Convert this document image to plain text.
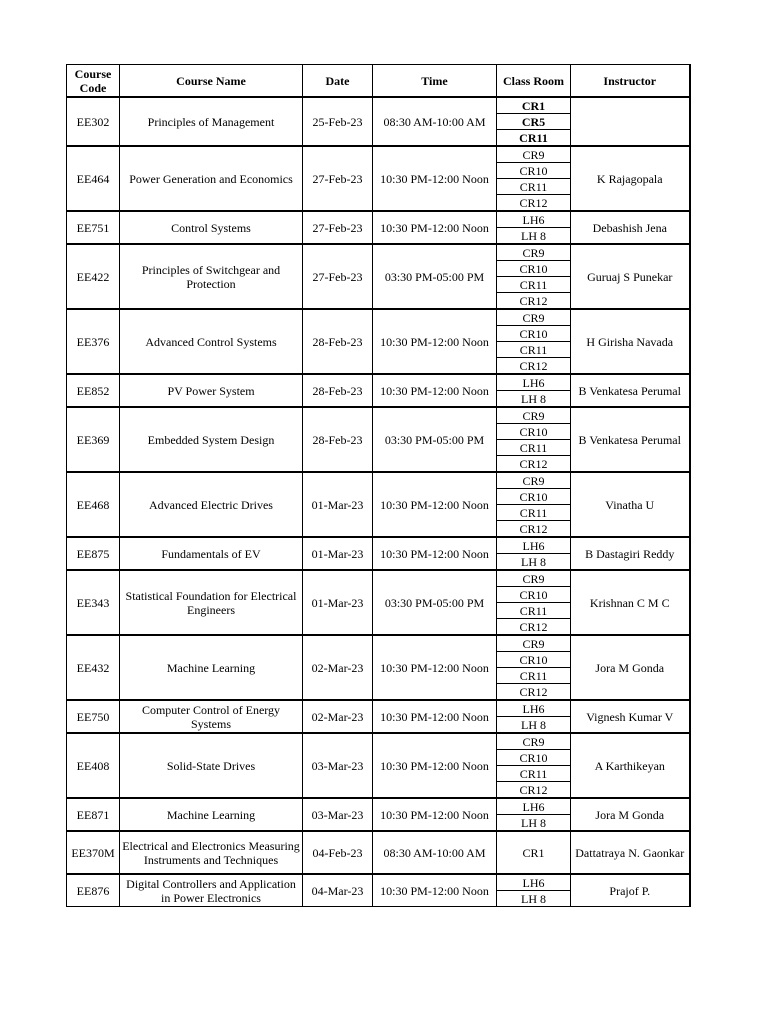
Course Code	Course Name	Date	Time	Class Room	Instructor
EE302	Principles of Management	25-Feb-23	08:30 AM-10:00 AM	CR1	
				CR5	
				CR11	
EE464	Power Generation and Economics	27-Feb-23	10:30 PM-12:00 Noon	CR9	K Rajagopala
				CR10	
				CR11	
				CR12	
EE751	Control Systems	27-Feb-23	10:30 PM-12:00 Noon	LH6	Debashish Jena
				LH 8	
EE422	Principles of Switchgear and Protection	27-Feb-23	03:30 PM-05:00 PM	CR9	Guruaj S Punekar
				CR10	
				CR11	
				CR12	
EE376	Advanced Control Systems	28-Feb-23	10:30 PM-12:00 Noon	CR9	H Girisha Navada
				CR10	
				CR11	
				CR12	
EE852	PV Power System	28-Feb-23	10:30 PM-12:00 Noon	LH6	B Venkatesa Perumal
				LH 8	
EE369	Embedded System Design	28-Feb-23	03:30 PM-05:00 PM	CR9	B Venkatesa Perumal
				CR10	
				CR11	
				CR12	
EE468	Advanced Electric Drives	01-Mar-23	10:30 PM-12:00 Noon	CR9	Vinatha U
				CR10	
				CR11	
				CR12	
EE875	Fundamentals of EV	01-Mar-23	10:30 PM-12:00 Noon	LH6	B Dastagiri Reddy
				LH 8	
EE343	Statistical Foundation for Electrical Engineers	01-Mar-23	03:30 PM-05:00 PM	CR9	Krishnan C M C
				CR10	
				CR11	
				CR12	
EE432	Machine Learning	02-Mar-23	10:30 PM-12:00 Noon	CR9	Jora M Gonda
				CR10	
				CR11	
				CR12	
EE750	Computer Control of Energy Systems	02-Mar-23	10:30 PM-12:00 Noon	LH6	Vignesh Kumar V
				LH 8	
EE408	Solid-State Drives	03-Mar-23	10:30 PM-12:00 Noon	CR9	A Karthikeyan
				CR10	
				CR11	
				CR12	
EE871	Machine Learning	03-Mar-23	10:30 PM-12:00 Noon	LH6	Jora M Gonda
				LH 8	
EE370M	Electrical and Electronics Measuring Instruments and Techniques	04-Feb-23	08:30 AM-10:00 AM	CR1	Dattatraya N. Gaonkar
EE876	Digital Controllers and Application in Power Electronics	04-Mar-23	10:30 PM-12:00 Noon	LH6	Prajof P.
				LH 8	
